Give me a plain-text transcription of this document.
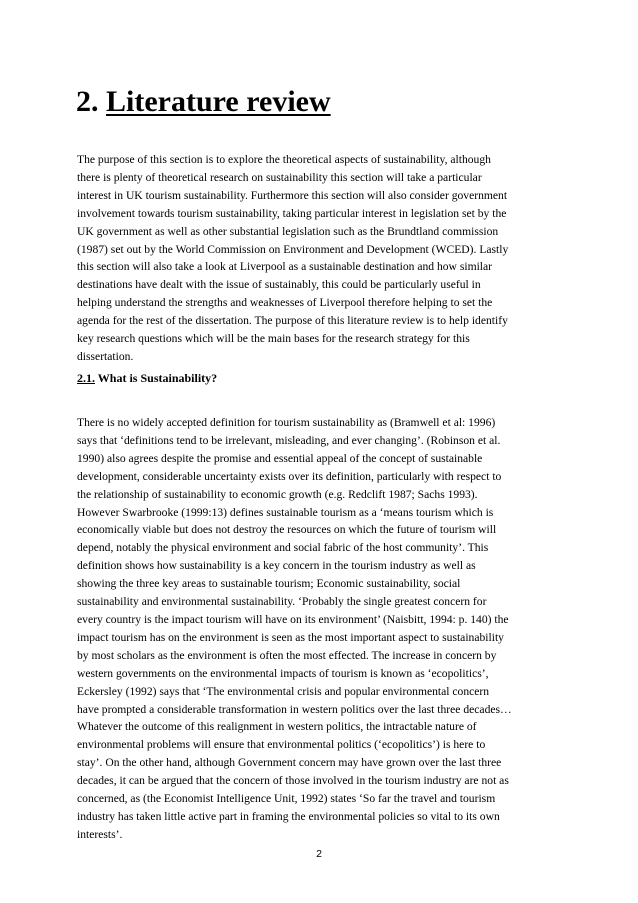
2. Literature review

The purpose of this section is to explore the theoretical aspects of sustainability, although
there is plenty of theoretical research on sustainability this section will take a particular
interest in UK tourism sustainability. Furthermore this section will also consider government
involvement towards tourism sustainability, taking particular interest in legislation set by the
UK government as well as other substantial legislation such as the Brundtland commission
(1987) set out by the World Commission on Environment and Development (WCED). Lastly
this section will also take a look at Liverpool as a sustainable destination and how similar
destinations have dealt with the issue of sustainably, this could be particularly useful in
helping understand the strengths and weaknesses of Liverpool therefore helping to set the
agenda for the rest of the dissertation. The purpose of this literature review is to help identify
key research questions which will be the main bases for the research strategy for this
dissertation.

2.1. What is Sustainability?

There is no widely accepted definition for tourism sustainability as (Bramwell et al: 1996)
says that ‘definitions tend to be irrelevant, misleading, and ever changing’. (Robinson et al.
1990) also agrees despite the promise and essential appeal of the concept of sustainable
development, considerable uncertainty exists over its definition, particularly with respect to
the relationship of sustainability to economic growth (e.g. Redclift 1987; Sachs 1993).
However Swarbrooke (1999:13) defines sustainable tourism as a ‘means tourism which is
economically viable but does not destroy the resources on which the future of tourism will
depend, notably the physical environment and social fabric of the host community’. This
definition shows how sustainability is a key concern in the tourism industry as well as
showing the three key areas to sustainable tourism; Economic sustainability, social
sustainability and environmental sustainability. ‘Probably the single greatest concern for
every country is the impact tourism will have on its environment’ (Naisbitt, 1994: p. 140) the
impact tourism has on the environment is seen as the most important aspect to sustainability
by most scholars as the environment is often the most effected. The increase in concern by
western governments on the environmental impacts of tourism is known as ‘ecopolitics’,
Eckersley (1992) says that ‘The environmental crisis and popular environmental concern
have prompted a considerable transformation in western politics over the last three decades…
Whatever the outcome of this realignment in western politics, the intractable nature of
environmental problems will ensure that environmental politics (‘ecopolitics’) is here to
stay’. On the other hand, although Government concern may have grown over the last three
decades, it can be argued that the concern of those involved in the tourism industry are not as
concerned, as (the Economist Intelligence Unit, 1992) states ‘So far the travel and tourism
industry has taken little active part in framing the environmental policies so vital to its own
interests’.

2
